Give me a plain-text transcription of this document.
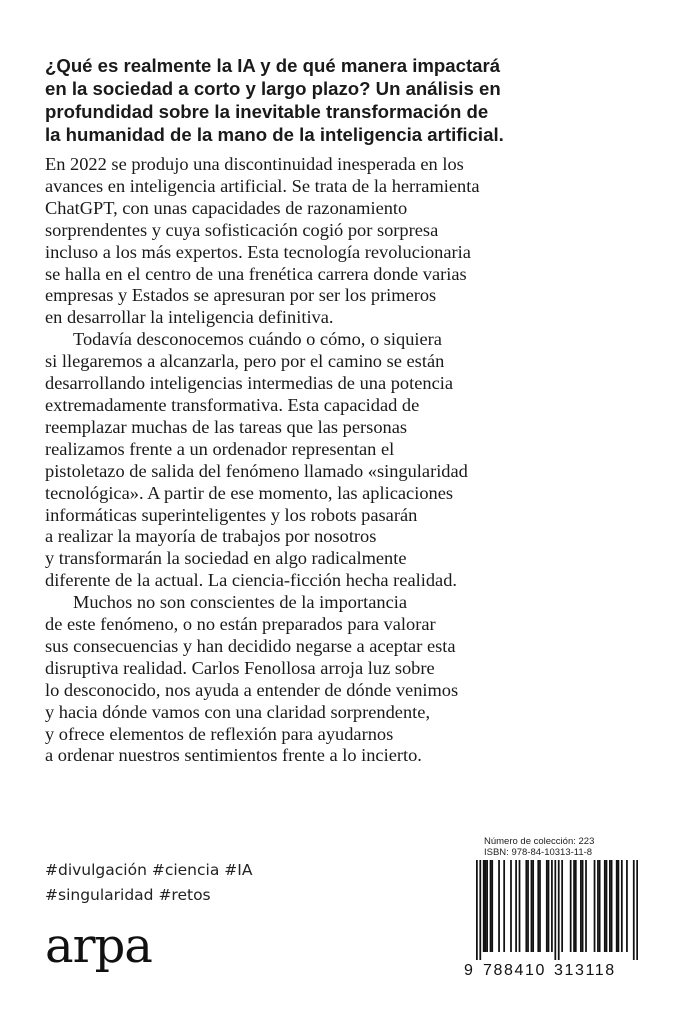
¿Qué es realmente la IA y de qué manera impactará
en la sociedad a corto y largo plazo? Un análisis en
profundidad sobre la inevitable transformación de
la humanidad de la mano de la inteligencia artificial.

En 2022 se produjo una discontinuidad inesperada en los
avances en inteligencia artificial. Se trata de la herramienta
ChatGPT, con unas capacidades de razonamiento
sorprendentes y cuya sofisticación cogió por sorpresa
incluso a los más expertos. Esta tecnología revolucionaria
se halla en el centro de una frenética carrera donde varias
empresas y Estados se apresuran por ser los primeros
en desarrollar la inteligencia definitiva.

Todavía desconocemos cuándo o cómo, o siquiera
si llegaremos a alcanzarla, pero por el camino se están
desarrollando inteligencias intermedias de una potencia
extremadamente transformativa. Esta capacidad de
reemplazar muchas de las tareas que las personas
realizamos frente a un ordenador representan el
pistoletazo de salida del fenómeno llamado «singularidad
tecnológica». A partir de ese momento, las aplicaciones
informáticas superinteligentes y los robots pasarán
a realizar la mayoría de trabajos por nosotros
y transformarán la sociedad en algo radicalmente
diferente de la actual. La ciencia-ficción hecha realidad.

Muchos no son conscientes de la importancia
de este fenómeno, o no están preparados para valorar
sus consecuencias y han decidido negarse a aceptar esta
disruptiva realidad. Carlos Fenollosa arroja luz sobre
lo desconocido, nos ayuda a entender de dónde venimos
y hacia dónde vamos con una claridad sorprendente,
y ofrece elementos de reflexión para ayudarnos
a ordenar nuestros sentimientos frente a lo incierto.

#divulgación #ciencia #IA
#singularidad #retos
arpa
Número de colección: 223
ISBN: 978-84-10313-11-8
9 788410 313118
